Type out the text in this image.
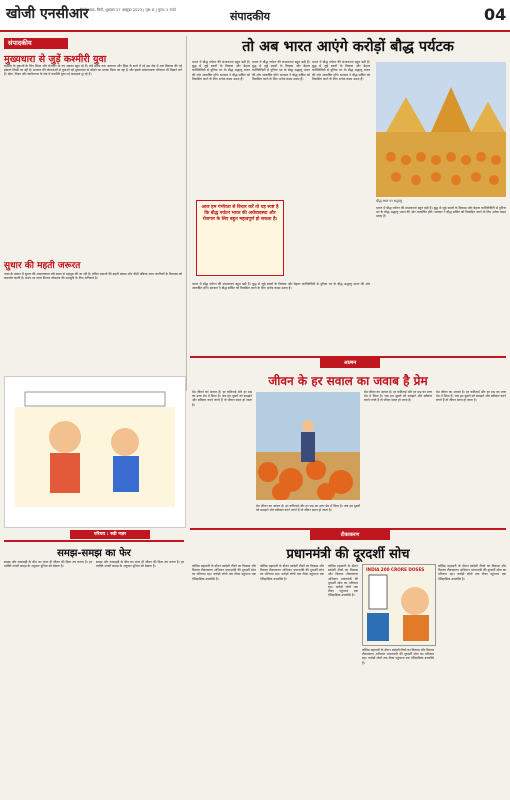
खोजी एनसीआर
फ़िरोज़ाबाद, सिटी, शुक्रवार 27 अक्टूबर 2023 | पृष्ठ: 8 | मूल्य: 2 रुपये	संपादकीय	04
संपादकीय
मुख्यधारा से जुड़ें कश्मीरी युवा
कश्मीर के युवाओं के लिए शिक्षा और रोजगार के नए अवसर खुल रहे हैं। लंबे समय तक अलगाव और हिंसा के साये में रहे इस क्षेत्र में अब विकास की नई इबारत लिखी जा रही है। सरकार की योजनाओं से युवाओं को मुख्यधारा से जोड़ने का प्रयास किया जा रहा है और इसके सकारात्मक परिणाम भी दिखने लगे हैं। खेल, शिक्षा और स्वरोजगार के क्षेत्र में कश्मीरी युवा नई ऊंचाइयां छू रहे हैं।
सुधार की महती जरूरत
न्याय के शासन में सुधार की आवश्यकता लंबे समय से महसूस की जा रही है। लंबित मामलों की बढ़ती संख्या और धीमी प्रक्रिया आम नागरिकों के विश्वास को कमजोर करती है। समय पर न्याय मिलना लोकतंत्र की मजबूती के लिए अनिवार्य है।
परिचय : रुडी नज़र
तो अब भारत आएंगे करोड़ों बौद्ध पर्यटक
भारत में बौद्ध पर्यटन की संभावनाएं बहुत बड़ी हैं। बुद्ध से जुड़े स्थलों के विकास और बेहतर कनेक्टिविटी से दुनिया भर के बौद्ध श्रद्धालु भारत की ओर आकर्षित होंगे। सरकार ने बौद्ध सर्किट को विकसित करने के लिए अनेक कदम उठाए हैं।
आज हम गंभीरता से विचार करें तो यह स्पष्ट है कि बौद्ध पर्यटन भारत की अर्थव्यवस्था और रोजगार के लिए बहुत महत्वपूर्ण हो सकता है।
भारत में बौद्ध पर्यटन की संभावनाएं बहुत बड़ी हैं। बुद्ध से जुड़े स्थलों के विकास और बेहतर कनेक्टिविटी से दुनिया भर के बौद्ध श्रद्धालु भारत की ओर आकर्षित होंगे। सरकार ने बौद्ध सर्किट को विकसित करने के लिए अनेक कदम उठाए हैं।
भारत में बौद्ध पर्यटन की संभावनाएं बहुत बड़ी हैं। बुद्ध से जुड़े स्थलों के विकास और बेहतर कनेक्टिविटी से दुनिया भर के बौद्ध श्रद्धालु भारत की ओर आकर्षित होंगे। सरकार ने बौद्ध सर्किट को विकसित करने के लिए अनेक कदम उठाए हैं।
भारत में बौद्ध पर्यटन की संभावनाएं बहुत बड़ी हैं। बुद्ध से जुड़े स्थलों के विकास और बेहतर कनेक्टिविटी से दुनिया भर के बौद्ध श्रद्धालु भारत की ओर आकर्षित होंगे। सरकार ने बौद्ध सर्किट को विकसित करने के लिए अनेक कदम उठाए हैं।
बौद्ध स्थल पर श्रद्धालु
भारत में बौद्ध पर्यटन की संभावनाएं बहुत बड़ी हैं। बुद्ध से जुड़े स्थलों के विकास और बेहतर कनेक्टिविटी से दुनिया भर के बौद्ध श्रद्धालु भारत की ओर आकर्षित होंगे। सरकार ने बौद्ध सर्किट को विकसित करने के लिए अनेक कदम उठाए हैं।
आत्मन
जीवन के हर सवाल का जवाब है प्रेम
प्रेम जीवन का आधार है। हर कठिनाई और हर प्रश्न का उत्तर प्रेम में छिपा है। जब हम दूसरों को समझने और स्वीकार करने लगते हैं तो जीवन सरल हो जाता है।
प्रेम जीवन का आधार है। हर कठिनाई और हर प्रश्न का उत्तर प्रेम में छिपा है। जब हम दूसरों को समझने और स्वीकार करने लगते हैं तो जीवन सरल हो जाता है।
प्रेम जीवन का आधार है। हर कठिनाई और हर प्रश्न का उत्तर प्रेम में छिपा है। जब हम दूसरों को समझने और स्वीकार करने लगते हैं तो जीवन सरल हो जाता है।
प्रेम जीवन का आधार है। हर कठिनाई और हर प्रश्न का उत्तर प्रेम में छिपा है। जब हम दूसरों को समझने और स्वीकार करने लगते हैं तो जीवन सरल हो जाता है।
समझ-समझ का फेर
समझ और नासमझी के बीच का अंतर ही जीवन की दिशा तय करता है। हर व्यक्ति अपनी समझ के अनुसार दुनिया को देखता है।
समझ और नासमझी के बीच का अंतर ही जीवन की दिशा तय करता है। हर व्यक्ति अपनी समझ के अनुसार दुनिया को देखता है।
टीकाकरण
प्रधानमंत्री की दूरदर्शी सोच
कोविड महामारी के दौरान स्वदेशी टीकों का विकास और विशाल टीकाकरण अभियान प्रधानमंत्री की दूरदर्शी सोच का परिणाम रहा। करोड़ों लोगों तक टीका पहुंचाना एक ऐतिहासिक उपलब्धि है।
कोविड महामारी के दौरान स्वदेशी टीकों का विकास और विशाल टीकाकरण अभियान प्रधानमंत्री की दूरदर्शी सोच का परिणाम रहा। करोड़ों लोगों तक टीका पहुंचाना एक ऐतिहासिक उपलब्धि है।
कोविड महामारी के दौरान स्वदेशी टीकों का विकास और विशाल टीकाकरण अभियान प्रधानमंत्री की दूरदर्शी सोच का परिणाम रहा। करोड़ों लोगों तक टीका पहुंचाना एक ऐतिहासिक उपलब्धि है।
INDIA 200 CRORE DOSES
कोविड महामारी के दौरान स्वदेशी टीकों का विकास और विशाल टीकाकरण अभियान प्रधानमंत्री की दूरदर्शी सोच का परिणाम रहा। करोड़ों लोगों तक टीका पहुंचाना एक ऐतिहासिक उपलब्धि है।
कोविड महामारी के दौरान स्वदेशी टीकों का विकास और विशाल टीकाकरण अभियान प्रधानमंत्री की दूरदर्शी सोच का परिणाम रहा। करोड़ों लोगों तक टीका पहुंचाना एक ऐतिहासिक उपलब्धि है।
